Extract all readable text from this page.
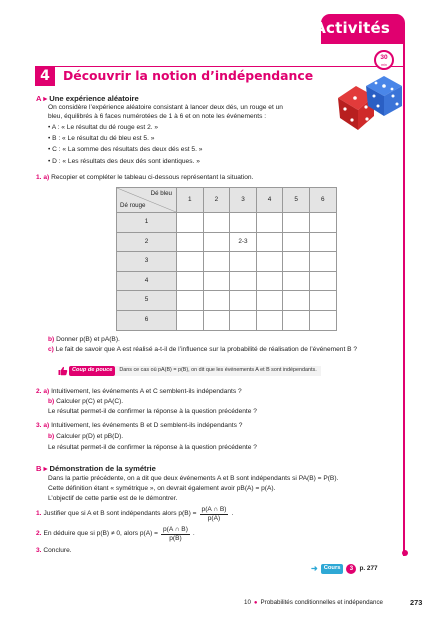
Activités
4	Découvrir la notion d’indépendance
30
min
A ▸ Une expérience aléatoire
On considère l’expérience aléatoire consistant à lancer deux dés, un rouge et un
bleu, équilibrés à 6 faces numérotées de 1 à 6 et on note les événements :
• A : « Le résultat du dé rouge est 2. »
• B : « Le résultat du dé bleu est 5. »
• C : « La somme des résultats des deux dés est 5. »
• D : « Les résultats des deux dés sont identiques. »
1. a) Recopier et compléter le tableau ci-dessous représentant la situation.
Dé bleu
Dé rouge	1	2	3	4	5	6
1						
2			2-3			
3						
4						
5						
6						
b) Donner p(B) et pA(B).
c) Le fait de savoir que A est réalisé a-t-il de l’influence sur la probabilité de réalisation de l’événement B ?
Coup de pouce	Dans ce cas où pA(B) = p(B), on dit que les événements A et B sont indépendants.
2. a) Intuitivement, les événements A et C semblent-ils indépendants ?
b) Calculer p(C) et pA(C).
Le résultat permet-il de confirmer la réponse à la question précédente ?
3. a) Intuitivement, les événements B et D semblent-ils indépendants ?
b) Calculer p(D) et pB(D).
Le résultat permet-il de confirmer la réponse à la question précédente ?
B ▸ Démonstration de la symétrie
Dans la partie précédente, on a dit que deux événements A et B sont indépendants si PA(B) = P(B).
Cette définition étant « symétrique », on devrait également avoir pB(A) = p(A).
L’objectif de cette partie est de le démontrer.
1. Justifier que si A et B sont indépendants alors $p(B) = \frac{p(A \cap B)}{p(A)}$ .
2. En déduire que si p(B) ≠ 0, alors $p(A) = \frac{p(A \cap B)}{p(B)}$ .
3. Conclure.
➜	Cours	3 p. 277
10 ● Probabilités conditionnelles et indépendance	273
